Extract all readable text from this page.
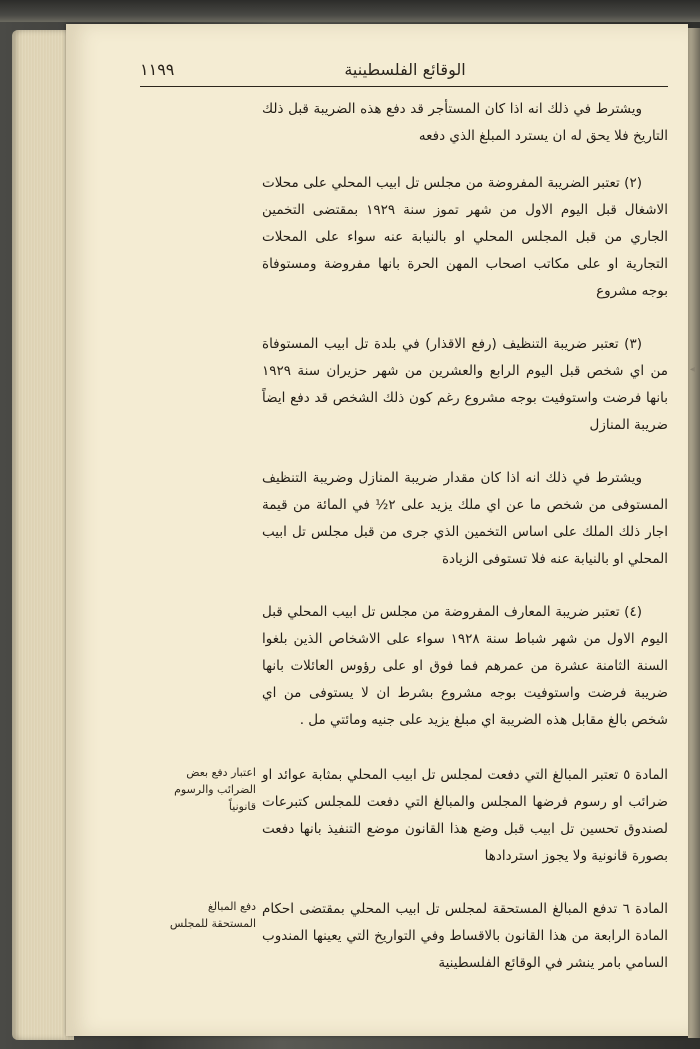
◂
١١٩٩	الوقائع الفلسطينية

ويشترط في ذلك انه اذا كان المستأجر قد دفع هذه الضريبة قبل ذلك التاريخ فلا يحق له ان يسترد المبلغ الذي دفعه

(٢) تعتبر الضريبة المفروضة من مجلس تل ابيب المحلي على محلات الاشغال قبل اليوم الاول من شهر تموز سنة ١٩٢٩ بمقتضى التخمين الجاري من قبل المجلس المحلي او بالنيابة عنه سواء على المحلات التجارية او على مكاتب اصحاب المهن الحرة بانها مفروضة ومستوفاة بوجه مشروع

(٣) تعتبر ضريبة التنظيف (رفع الاقذار) في بلدة تل ابيب المستوفاة من اي شخص قبل اليوم الرابع والعشرين من شهر حزيران سنة ١٩٢٩ بانها فرضت واستوفيت بوجه مشروع رغم كون ذلك الشخص قد دفع ايضاً ضريبة المنازل

ويشترط في ذلك انه اذا كان مقدار ضريبة المنازل وضريبة التنظيف المستوفى من شخص ما عن اي ملك يزيد على ٢½ في المائة من قيمة اجار ذلك الملك على اساس التخمين الذي جرى من قبل مجلس تل ابيب المحلي او بالنيابة عنه فلا تستوفى الزيادة

(٤) تعتبر ضريبة المعارف المفروضة من مجلس تل ابيب المحلي قبل اليوم الاول من شهر شباط سنة ١٩٢٨ سواء على الاشخاص الذين بلغوا السنة الثامنة عشرة من عمرهم فما فوق او على رؤوس العائلات بانها ضريبة فرضت واستوفيت بوجه مشروع بشرط ان لا يستوفى من اي شخص بالغ مقابل هذه الضريبة اي مبلغ يزيد على جنيه ومائتي مل .

المادة ٥ تعتبر المبالغ التي دفعت لمجلس تل ابيب المحلي بمثابة عوائد او ضرائب او رسوم فرضها المجلس والمبالغ التي دفعت للمجلس كتبرعات لصندوق تحسين تل ابيب قبل وضع هذا القانون موضع التنفيذ بانها دفعت بصورة قانونية ولا يجوز استردادها
اعتبار دفع بعض الضرائب والرسوم قانونياً
المادة ٦ تدفع المبالغ المستحقة لمجلس تل ابيب المحلي بمقتضى احكام المادة الرابعة من هذا القانون بالاقساط وفي التواريخ التي يعينها المندوب السامي بامر ينشر في الوقائع الفلسطينية
دفع المبالغ المستحقة للمجلس
